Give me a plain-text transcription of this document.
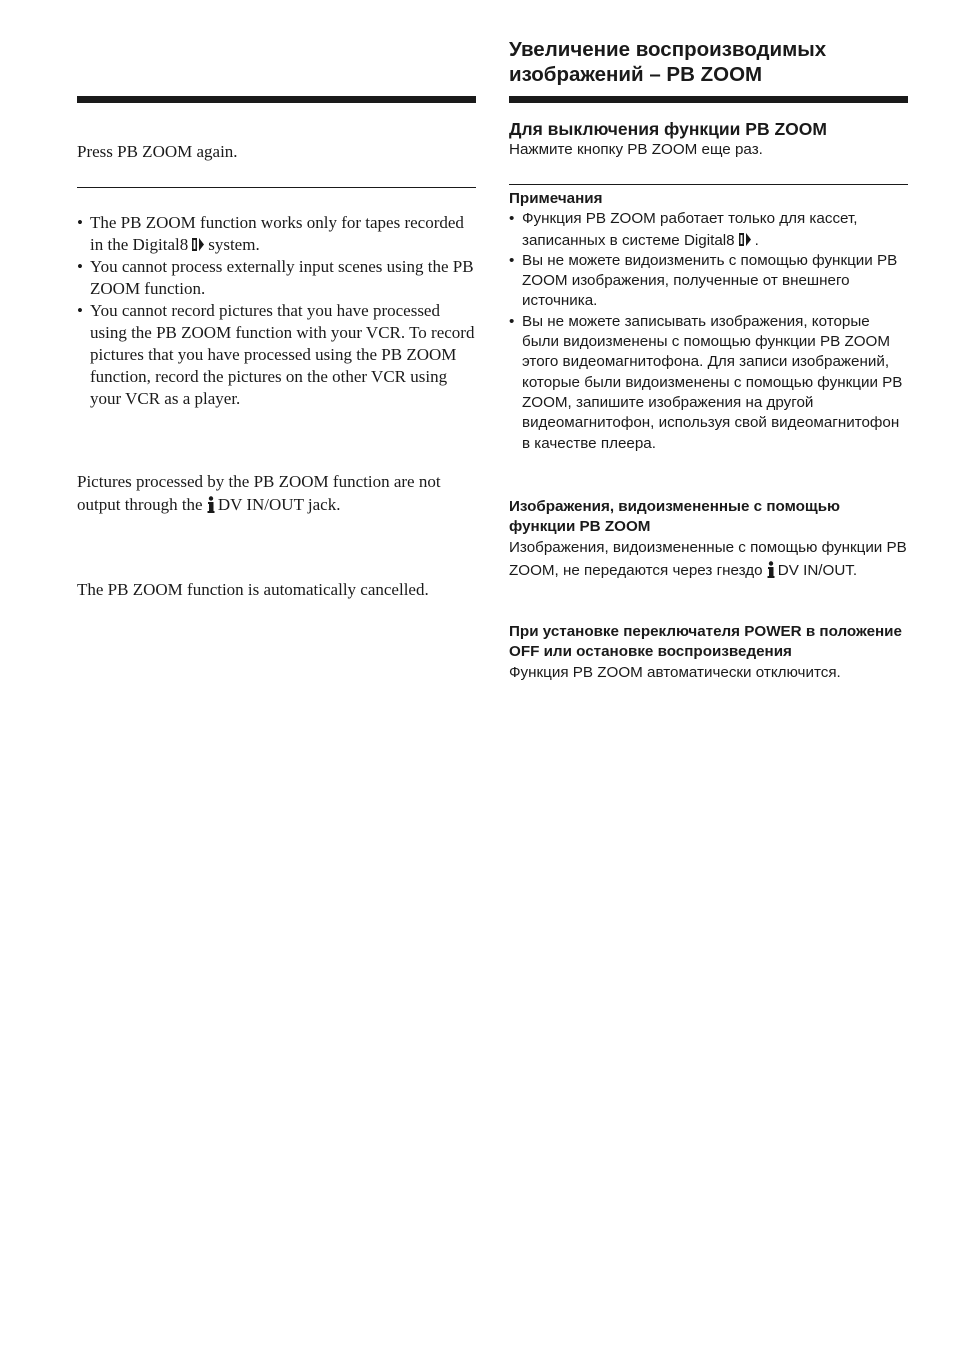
Увеличение воспроизводимых
изображений – PB ZOOM
Press PB ZOOM again.
• The PB ZOOM function works only for tapes recorded in the Digital8 system.
• You cannot process externally input scenes using the PB ZOOM function.
• You cannot record pictures that you have processed using the PB ZOOM function with your VCR. To record pictures that you have processed using the PB ZOOM function, record the pictures on the other VCR using your VCR as a player.
Pictures processed by the PB ZOOM function are not output through the DV IN/OUT jack.
The PB ZOOM function is automatically cancelled.
Для выключения функции PB ZOOM
Нажмите кнопку PB ZOOM еще раз.
Примечания
• Функция PB ZOOM работает только для кассет, записанных в системе Digital8 .
• Вы не можете видоизменить с помощью функции PB ZOOM изображения, полученные от внешнего источника.
• Вы не можете записывать изображения, которые были видоизменены с помощью функции PB ZOOM этого видеомагнитофона. Для записи изображений, которые были видоизменены с помощью функции PB ZOOM, запишите изображения на другой видеомагнитофон, используя свой видеомагнитофон в качестве плеера.
Изображения, видоизмененные с помощью функции PB ZOOM
Изображения, видоизмененные с помощью функции PB ZOOM, не передаются через гнездо DV IN/OUT.
При установке переключателя POWER в положение OFF или остановке воспроизведения
Функция PB ZOOM автоматически отключится.
